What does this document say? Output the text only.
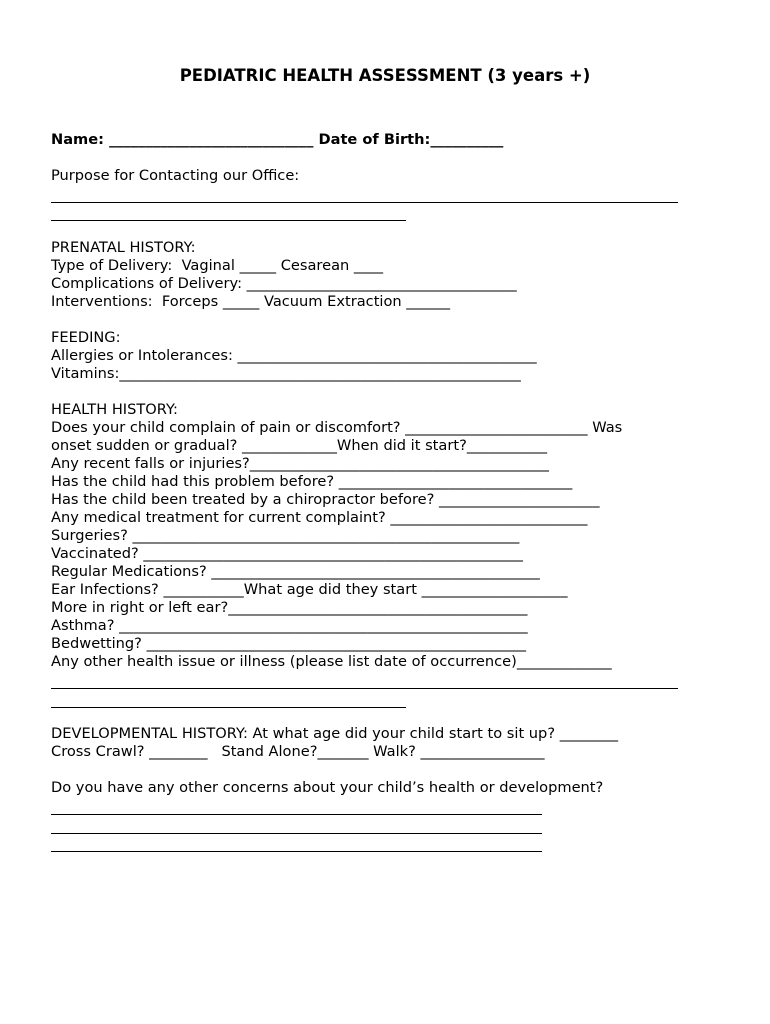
PEDIATRIC HEALTH ASSESSMENT (3 years +)
Name: ____________________________ Date of Birth:__________
Purpose for Contacting our Office:
PRENATAL HISTORY:
Type of Delivery:  Vaginal _____ Cesarean ____
Complications of Delivery: _____________________________________
Interventions:  Forceps _____ Vacuum Extraction ______
FEEDING:
Allergies or Intolerances: _________________________________________
Vitamins:_______________________________________________________
HEALTH HISTORY:
Does your child complain of pain or discomfort? _________________________ Was
onset sudden or gradual? _____________When did it start?___________
Any recent falls or injuries?_________________________________________
Has the child had this problem before? ________________________________
Has the child been treated by a chiropractor before? ______________________
Any medical treatment for current complaint? ___________________________
Surgeries? _____________________________________________________
Vaccinated? ____________________________________________________
Regular Medications? _____________________________________________
Ear Infections? ___________What age did they start ____________________
More in right or left ear?_________________________________________
Asthma? ________________________________________________________
Bedwetting? ____________________________________________________
Any other health issue or illness (please list date of occurrence)_____________
DEVELOPMENTAL HISTORY: At what age did your child start to sit up? ________
Cross Crawl? ________   Stand Alone?_______ Walk? _________________
Do you have any other concerns about your child’s health or development?
